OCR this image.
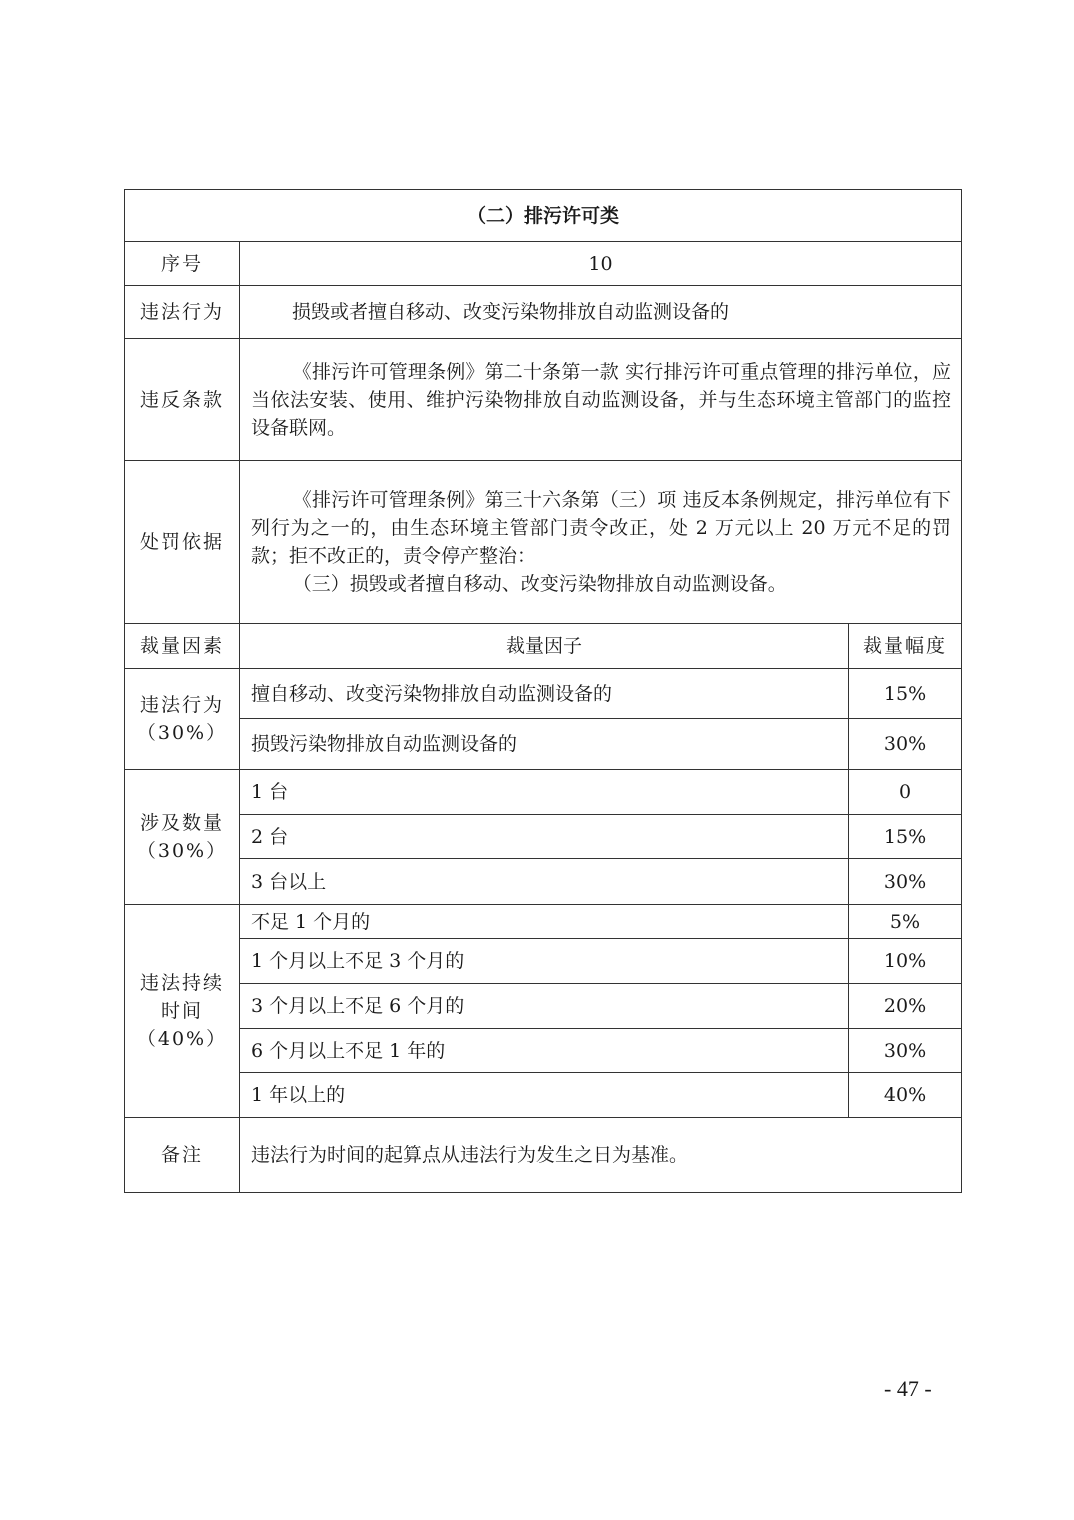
（二）排污许可类		
序号	10	
违法行为	损毁或者擅自移动、改变污染物排放自动监测设备的	
违反条款	《排污许可管理条例》第二十条第一款 实行排污许可重点管理的排污单位，应当依法安装、使用、维护污染物排放自动监测设备，并与生态环境主管部门的监控设备联网。	

处罚依据	《排污许可管理条例》第三十六条第（三）项 违反本条例规定，排污单位有下列行为之一的，由生态环境主管部门责令改正，处 2 万元以上 20 万元不足的罚款；拒不改正的，责令停产整治：

（三）损毁或者擅自移动、改变污染物排放自动监测设备。	

裁量因素	裁量因子	裁量幅度

违法行为
（30%）	擅自移动、改变污染物排放自动监测设备的	15%
	损毁污染物排放自动监测设备的	30%

涉及数量
（30%）	1 台	0
	2 台	15%
	3 台以上	30%

违法持续
时间
（40%）	不足 1 个月的	5%
	1 个月以上不足 3 个月的	10%
	3 个月以上不足 6 个月的	20%
	6 个月以上不足 1 年的	30%
	1 年以上的	40%
备注	违法行为时间的起算点从违法行为发生之日为基准。	
- 47 -
